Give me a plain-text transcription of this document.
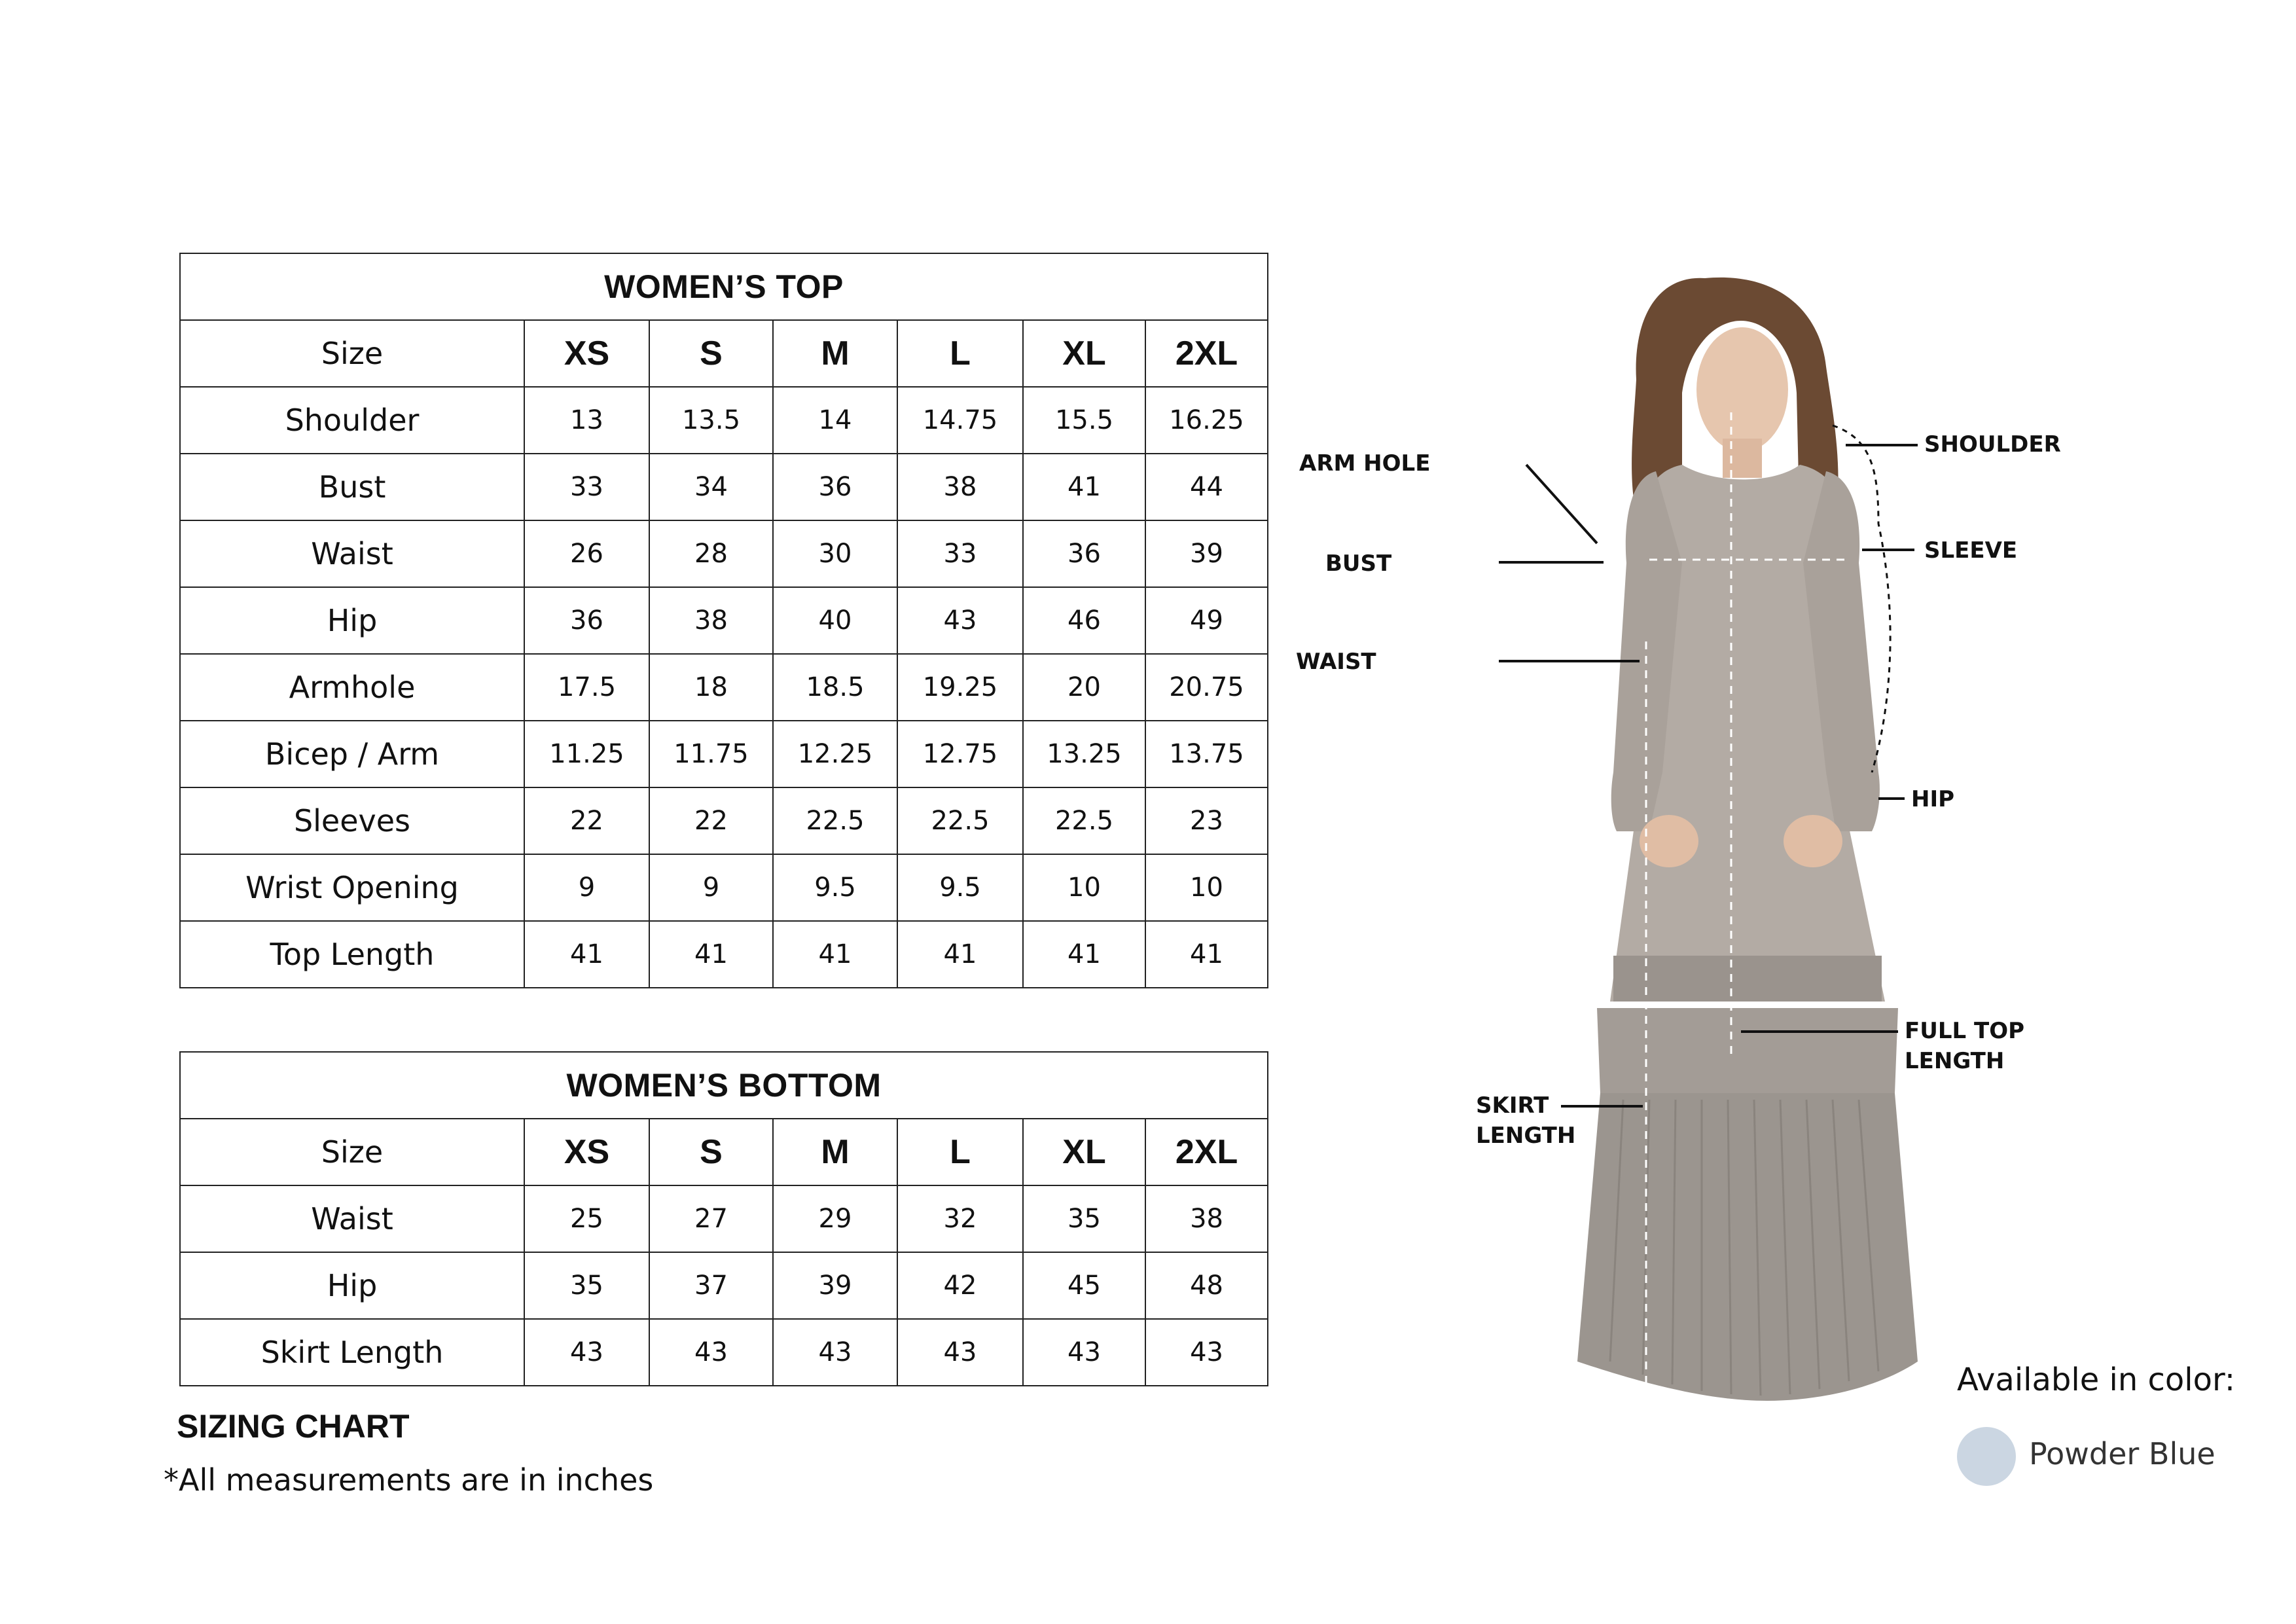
WOMEN’S TOP						
Size	XS	S	M	L	XL	2XL
Shoulder	13	13.5	14	14.75	15.5	16.25
Bust	33	34	36	38	41	44
Waist	26	28	30	33	36	39
Hip	36	38	40	43	46	49
Armhole	17.5	18	18.5	19.25	20	20.75
Bicep / Arm	11.25	11.75	12.25	12.75	13.25	13.75
Sleeves	22	22	22.5	22.5	22.5	23
Wrist Opening	9	9	9.5	9.5	10	10
Top Length	41	41	41	41	41	41
WOMEN’S BOTTOM						
Size	XS	S	M	L	XL	2XL
Waist	25	27	29	32	35	38
Hip	35	37	39	42	45	48
Skirt Length	43	43	43	43	43	43
SIZING CHART
*All measurements are in inches
ARM HOLE
BUST
WAIST
SHOULDER
SLEEVE
HIP
FULL TOP
LENGTH
SKIRT
LENGTH
Available in color:
Powder Blue
